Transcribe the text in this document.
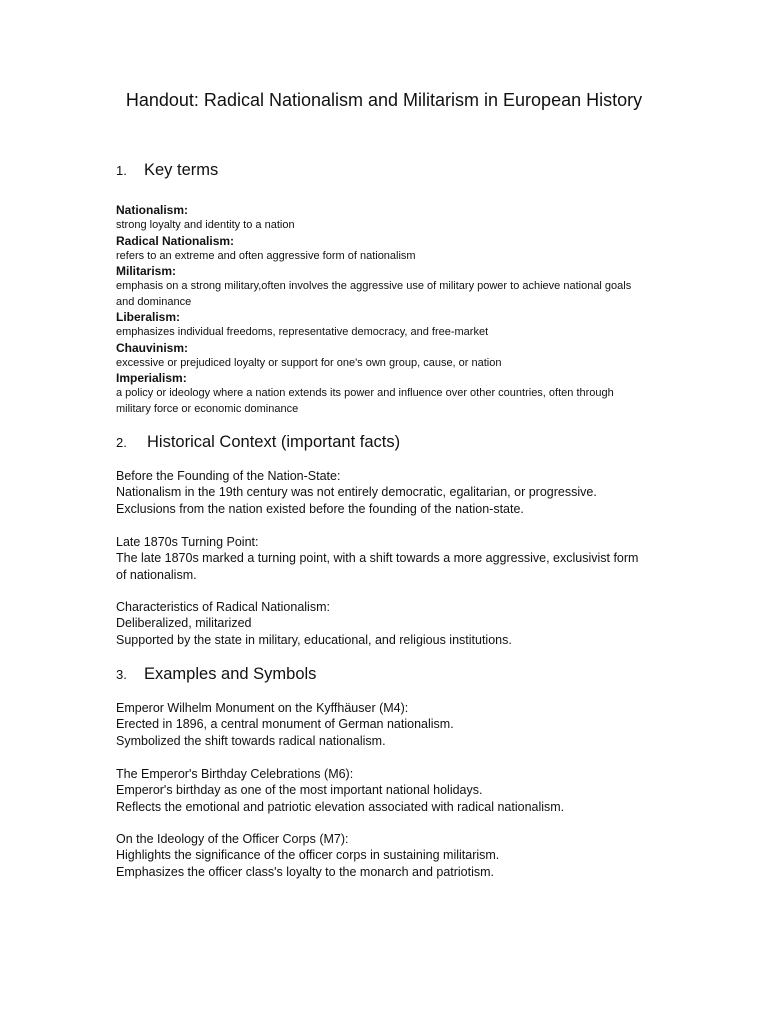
Handout: Radical Nationalism and Militarism in European History
1.	Key terms
Nationalism:
strong loyalty and identity to a nation
Radical Nationalism:
refers to an extreme and often aggressive form of nationalism
Militarism:
emphasis on a strong military,often involves the aggressive use of military power to achieve national goals and dominance
Liberalism:
emphasizes individual freedoms, representative democracy, and free-market
Chauvinism:
excessive or prejudiced loyalty or support for one's own group, cause, or nation
Imperialism:
a policy or ideology where a nation extends its power and influence over other countries, often through military force or economic dominance
2.	Historical Context (important facts)
Before the Founding of the Nation-State:
Nationalism in the 19th century was not entirely democratic, egalitarian, or progressive.
Exclusions from the nation existed before the founding of the nation-state.
Late 1870s Turning Point:
The late 1870s marked a turning point, with a shift towards a more aggressive, exclusivist form of nationalism.
Characteristics of Radical Nationalism:
Deliberalized, militarized
Supported by the state in military, educational, and religious institutions.
3.	Examples and Symbols
Emperor Wilhelm Monument on the Kyffhäuser (M4):
Erected in 1896, a central monument of German nationalism.
Symbolized the shift towards radical nationalism.
The Emperor's Birthday Celebrations (M6):
Emperor's birthday as one of the most important national holidays.
Reflects the emotional and patriotic elevation associated with radical nationalism.
On the Ideology of the Officer Corps (M7):
Highlights the significance of the officer corps in sustaining militarism.
Emphasizes the officer class's loyalty to the monarch and patriotism.
